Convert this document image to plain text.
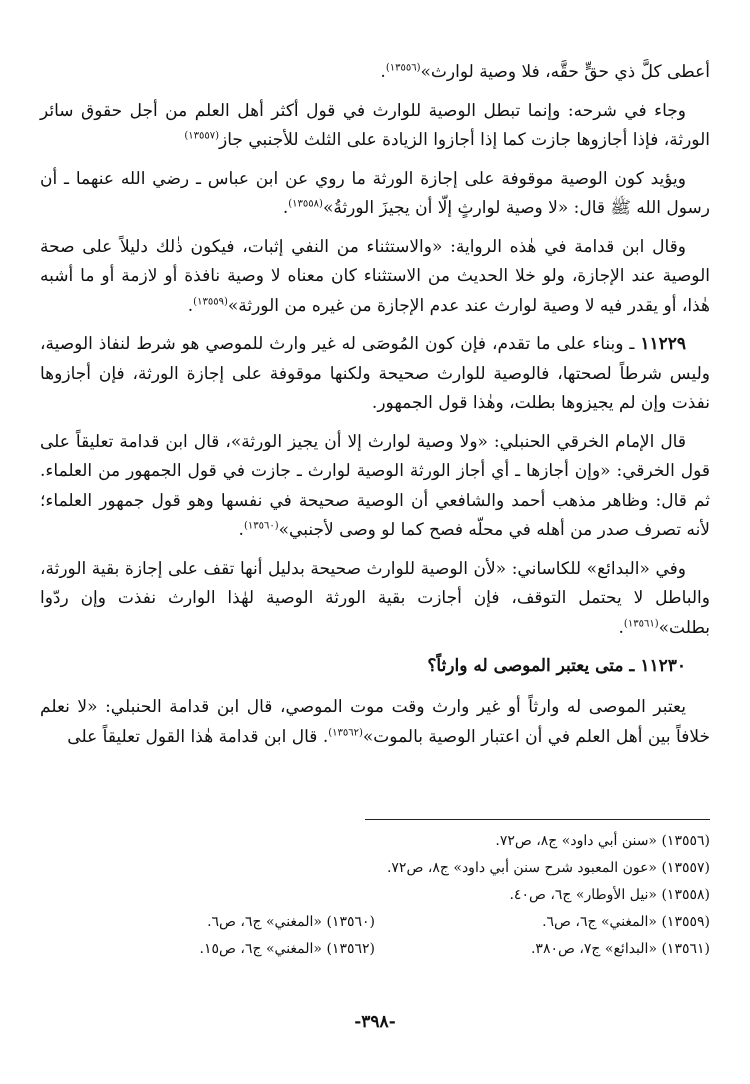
أعطى كلَّ ذي حقٍّ حقَّه، فلا وصية لوارث»$^{(١٣٥٥٦)}$.

وجاء في شرحه: وإنما تبطل الوصية للوارث في قول أكثر أهل العلم من أجل حقوق سائر الورثة، فإذا أجازوها جازت كما إذا أجازوا الزيادة على الثلث للأجنبي جاز$^{(١٣٥٥٧)}$

ويؤيد كون الوصية موقوفة على إجازة الورثة ما روي عن ابن عباس ـ رضي الله عنهما ـ أن رسول الله ﷺ قال: «لا وصية لوارثٍ إلّا أن يجيزَ الورثةُ»$^{(١٣٥٥٨)}$.

وقال ابن قدامة في هٰذه الرواية: «والاستثناء من النفي إثبات، فيكون ذٰلك دليلاً على صحة الوصية عند الإجازة، ولو خلا الحديث من الاستثناء كان معناه لا وصية نافذة أو لازمة أو ما أشبه هٰذا، أو يقدر فيه لا وصية لوارث عند عدم الإجازة من غيره من الورثة»$^{(١٣٥٥٩)}$.

١١٢٢٩ ـ وبناء على ما تقدم، فإن كون المُوصَى له غير وارث للموصي هو شرط لنفاذ الوصية، وليس شرطاً لصحتها، فالوصية للوارث صحيحة ولكنها موقوفة على إجازة الورثة، فإن أجازوها نفذت وإن لم يجيزوها بطلت، وهٰذا قول الجمهور.

قال الإمام الخرقي الحنبلي: «ولا وصية لوارث إلا أن يجيز الورثة»، قال ابن قدامة تعليقاً على قول الخرقي: «وإن أجازها ـ أي أجاز الورثة الوصية لوارث ـ جازت في قول الجمهور من العلماء. ثم قال: وظاهر مذهب أحمد والشافعي أن الوصية صحيحة في نفسها وهو قول جمهور العلماء؛ لأنه تصرف صدر من أهله في محلّه فصح كما لو وصى لأجنبي»$^{(١٣٥٦٠)}$.

وفي «البدائع» للكاساني: «لأن الوصية للوارث صحيحة بدليل أنها تقف على إجازة بقية الورثة، والباطل لا يحتمل التوقف، فإن أجازت بقية الورثة الوصية لهٰذا الوارث نفذت وإن ردّوا بطلت»$^{(١٣٥٦١)}$.

١١٢٣٠ ـ متى يعتبر الموصى له وارثاً؟

يعتبر الموصى له وارثاً أو غير وارث وقت موت الموصي، قال ابن قدامة الحنبلي: «لا نعلم خلافاً بين أهل العلم في أن اعتبار الوصية بالموت»$^{(١٣٥٦٢)}$. قال ابن قدامة هٰذا القول تعليقاً على

(١٣٥٥٦) «سنن أبي داود» ج٨، ص٧٢.
(١٣٥٥٧) «عون المعبود شرح سنن أبي داود» ج٨، ص٧٢.
(١٣٥٥٨) «نيل الأوطار» ج٦، ص٤٠.
(١٣٥٥٩) «المغني» ج٦، ص٦.
(١٣٥٦٠) «المغني» ج٦، ص٦.
(١٣٥٦١) «البدائع» ج٧، ص٣٨٠.
(١٣٥٦٢) «المغني» ج٦، ص١٥.
-٣٩٨-
